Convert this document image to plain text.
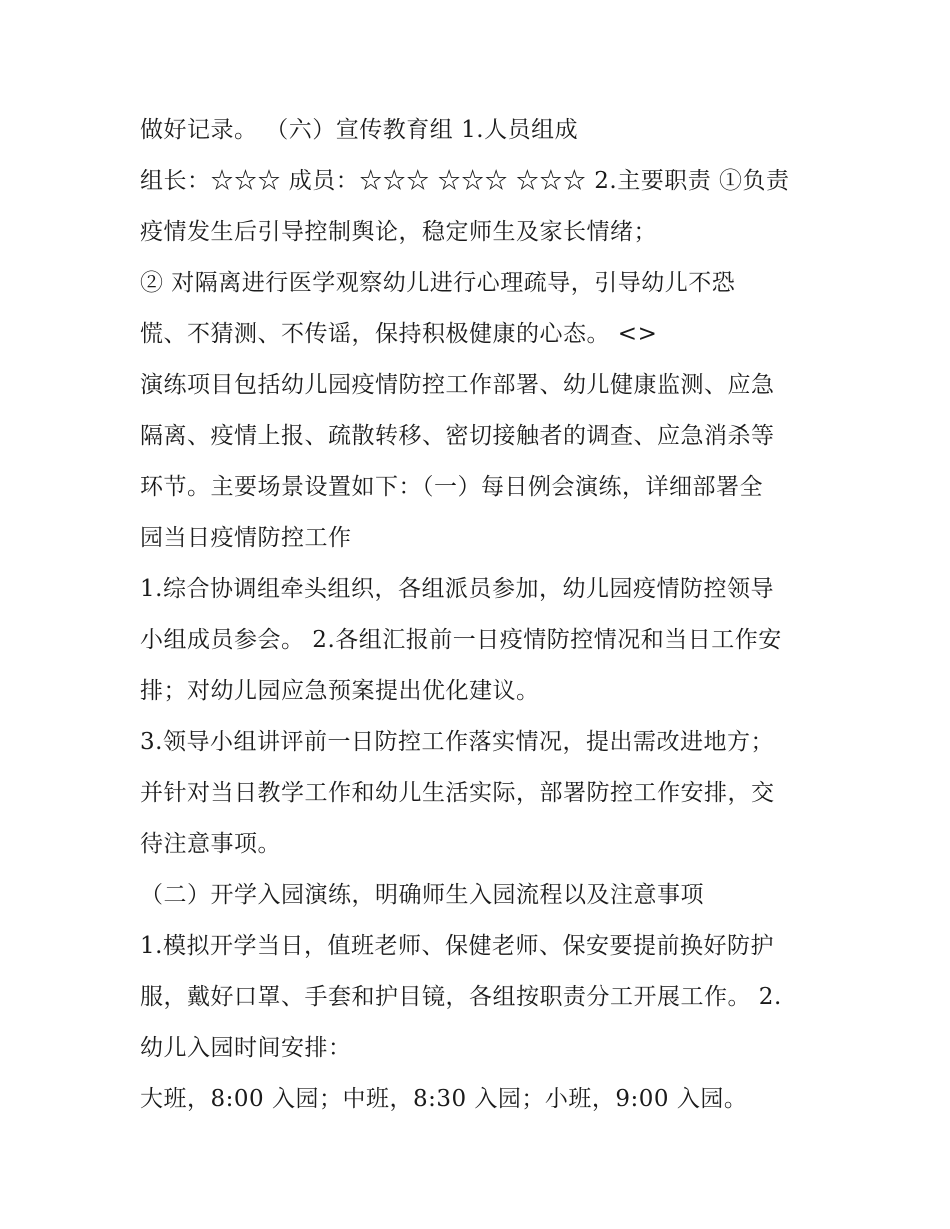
做好记录。 （六）宣传教育组 1.人员组成
组长：☆☆☆ 成员：☆☆☆ ☆☆☆ ☆☆☆ 2.主要职责 ①负责
疫情发生后引导控制舆论，稳定师生及家长情绪；
② 对隔离进行医学观察幼儿进行心理疏导，引导幼儿不恐
慌、不猜测、不传谣，保持积极健康的心态。 <>
演练项目包括幼儿园疫情防控工作部署、幼儿健康监测、应急
隔离、疫情上报、疏散转移、密切接触者的调查、应急消杀等
环节。主要场景设置如下：（一）每日例会演练，详细部署全
园当日疫情防控工作
1.综合协调组牵头组织，各组派员参加，幼儿园疫情防控领导
小组成员参会。 2.各组汇报前一日疫情防控情况和当日工作安
排；对幼儿园应急预案提出优化建议。
3.领导小组讲评前一日防控工作落实情况，提出需改进地方；
并针对当日教学工作和幼儿生活实际，部署防控工作安排，交
待注意事项。
（二）开学入园演练，明确师生入园流程以及注意事项
1.模拟开学当日，值班老师、保健老师、保安要提前换好防护
服，戴好口罩、手套和护目镜，各组按职责分工开展工作。 2.
幼儿入园时间安排：
大班，8:00 入园；中班，8:30 入园；小班，9:00 入园。
